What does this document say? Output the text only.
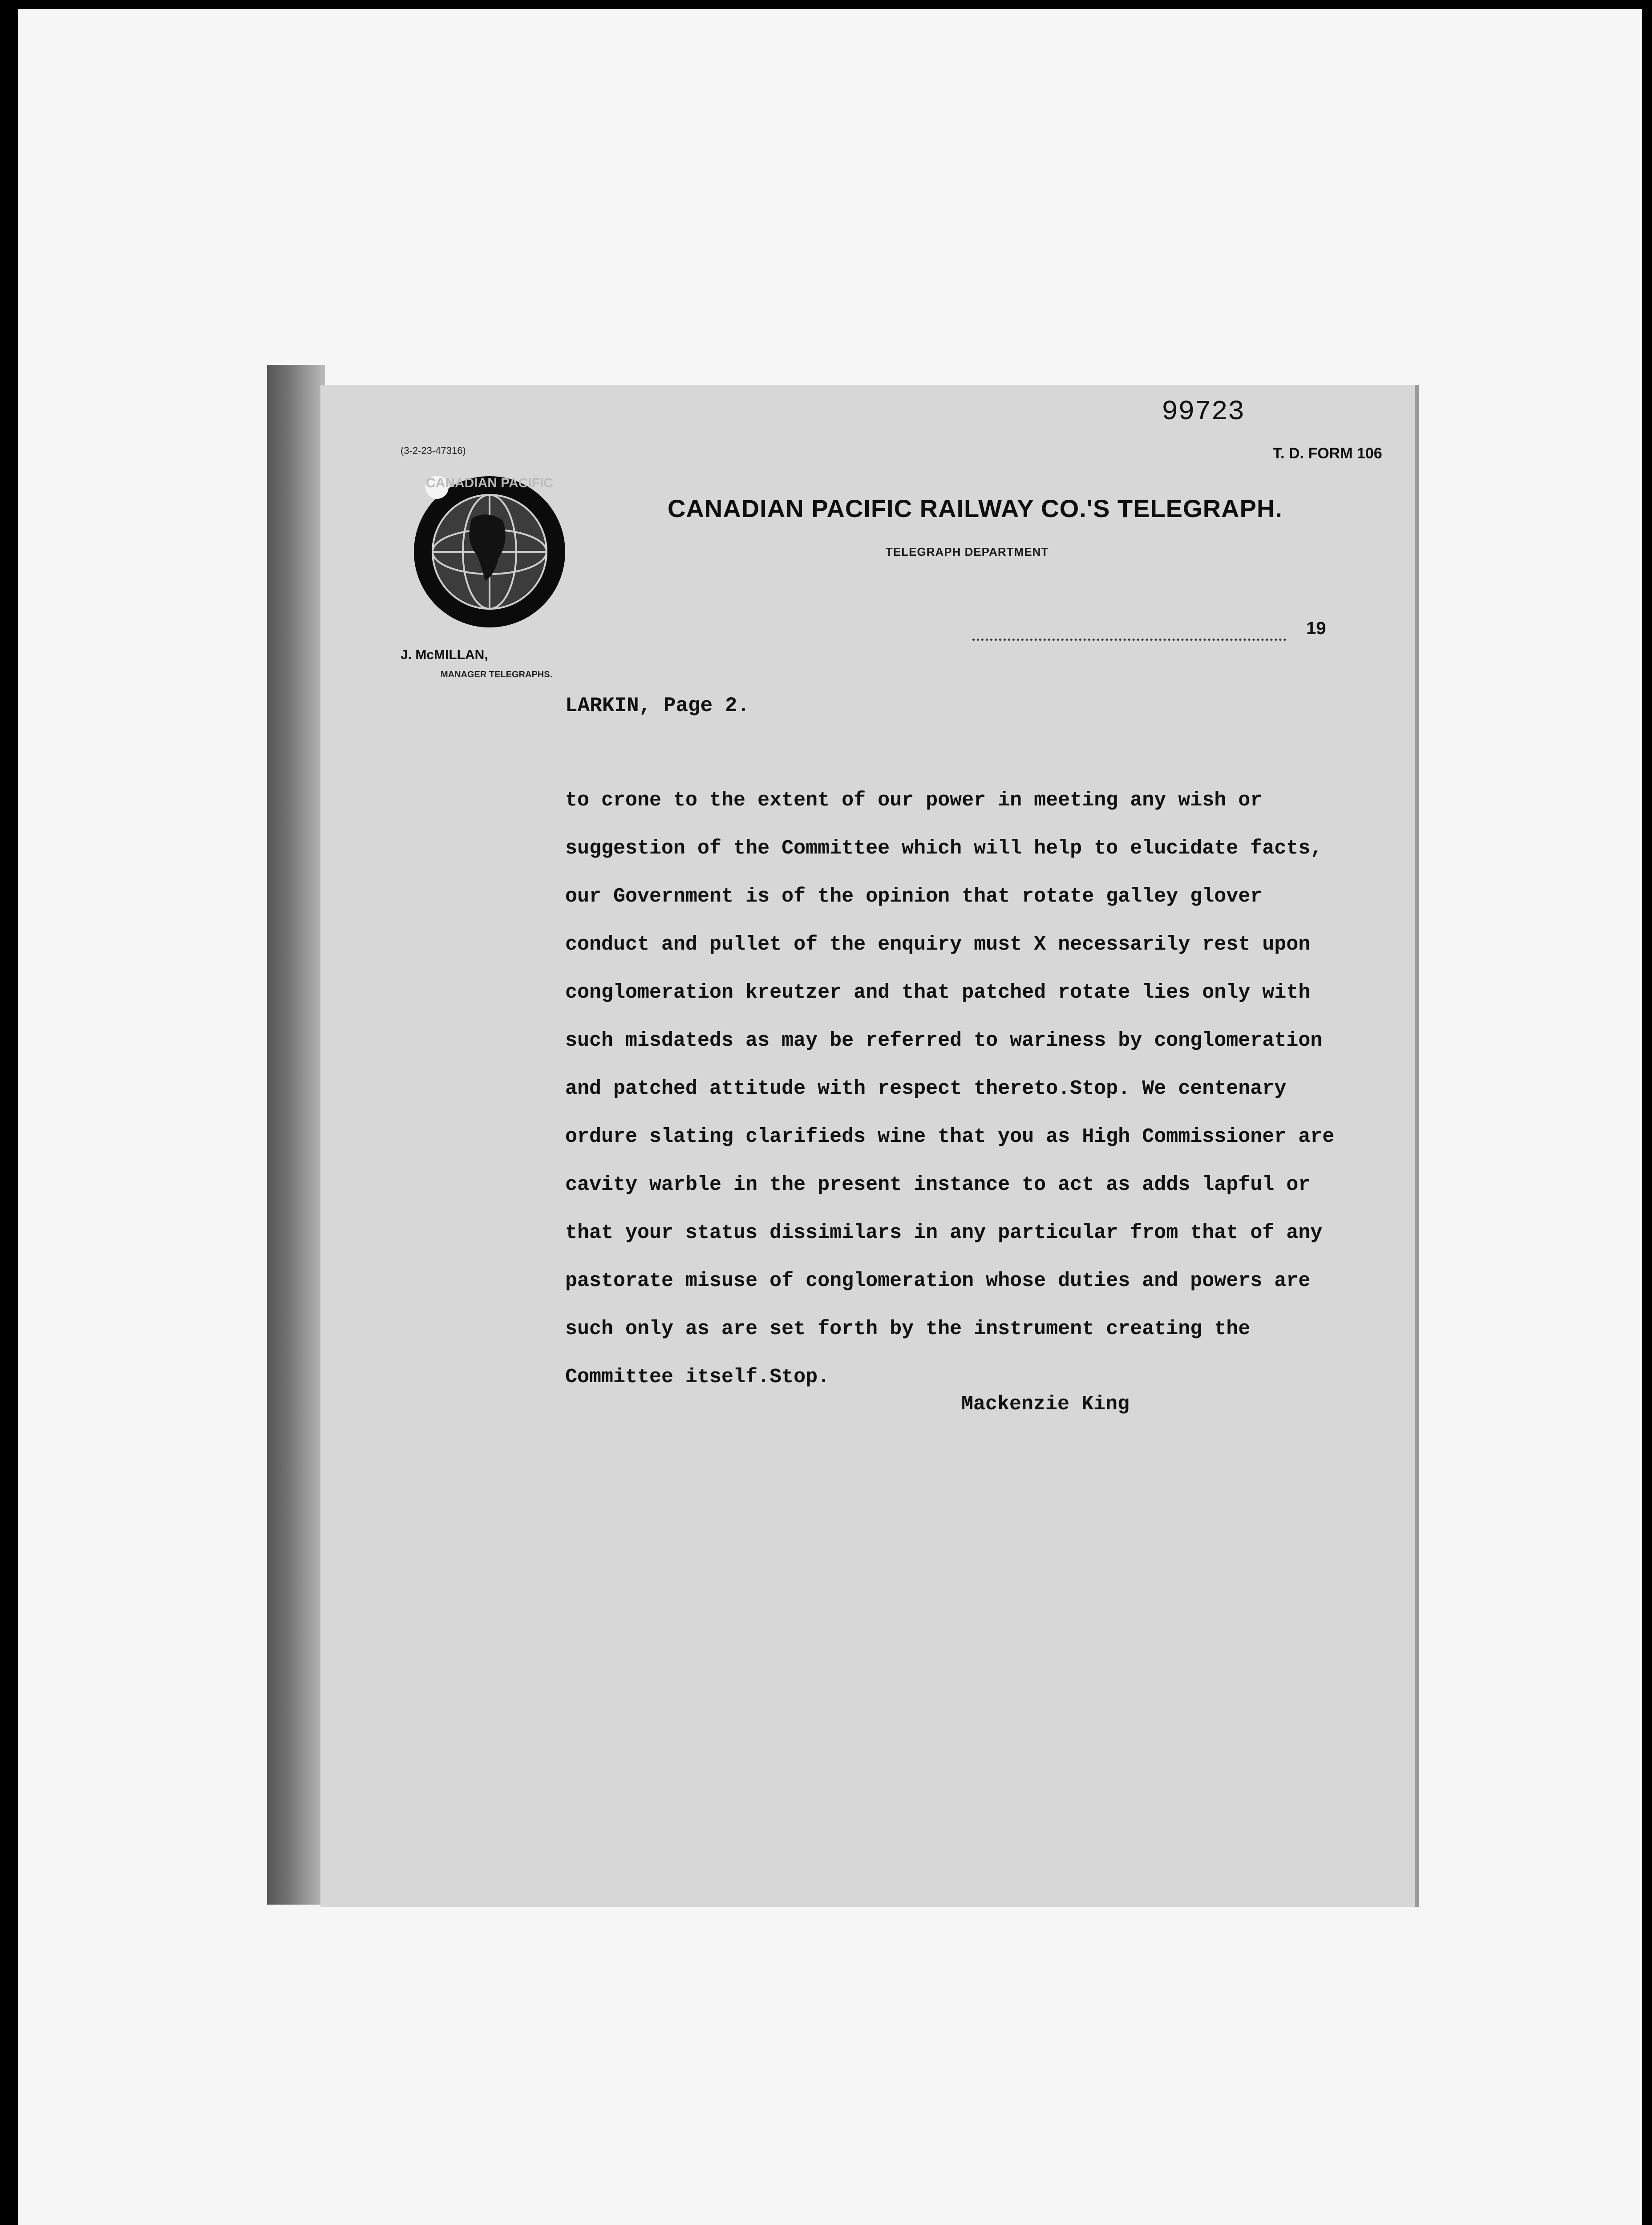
99723
T. D. FORM 106
(3-2-23-47316)
CANADIAN PACIFIC
CANADIAN PACIFIC RAILWAY CO.'S TELEGRAPH.
TELEGRAPH DEPARTMENT
19
J. McMILLAN,
MANAGER TELEGRAPHS.
LARKIN, Page 2.
to crone to the extent of our power in meeting any wish or
suggestion of the Committee which will help to elucidate facts,
our Government is of the opinion that rotate galley glover
conduct and pullet of the enquiry must X necessarily rest upon
conglomeration kreutzer and that patched rotate lies only with
such misdateds as may be referred to wariness by conglomeration
and patched attitude with respect thereto.Stop. We centenary
ordure slating clarifieds wine that you as High Commissioner are
cavity warble in the present instance to act as adds lapful or
that your status dissimilars in any particular from that of any
pastorate misuse of conglomeration whose duties and powers are
such only as are set forth by the instrument creating the
Committee itself.Stop.
Mackenzie King
